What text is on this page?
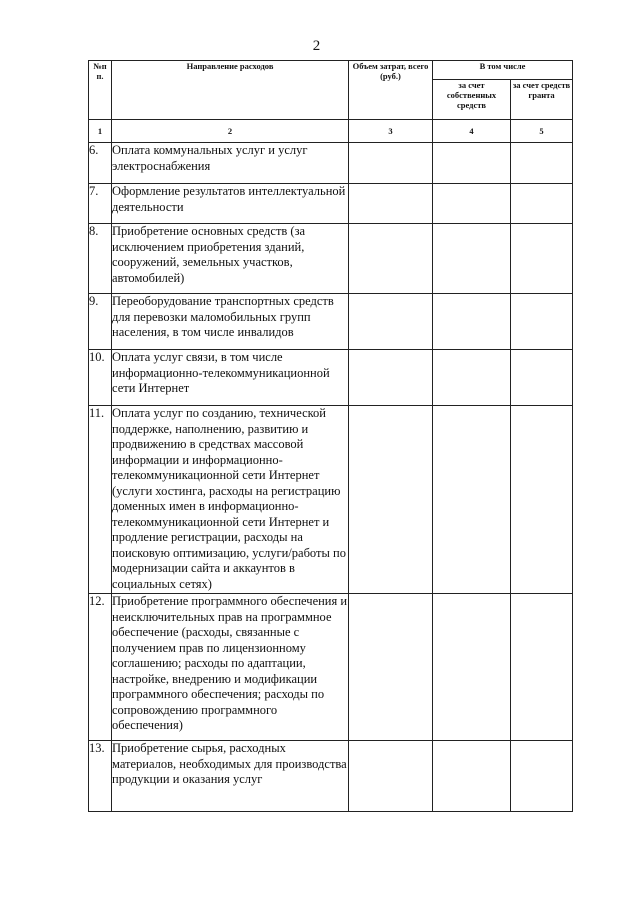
2
№п п.	Направление расходов	Объем затрат, всего (руб.)	В том числе	
			за счет собственных средств	за счет средств гранта
1	2	3	4	5
6.	Оплата коммунальных услуг и услуг электроснабжения			
7.	Оформление результатов интеллектуальной деятельности			
8.	Приобретение основных средств (за исключением приобретения зданий, сооружений, земельных участков, автомобилей)			
9.	Переоборудование транспортных средств для перевозки маломобильных групп населения, в том числе инвалидов			
10.	Оплата услуг связи, в том числе информационно-телекоммуникационной сети Интернет			
11.	Оплата услуг по созданию, технической поддержке, наполнению, развитию и продвижению в средствах массовой информации и информационно-телекоммуникационной сети Интернет (услуги хостинга, расходы на регистрацию доменных имен в информационно-телекоммуникационной сети Интернет и продление регистрации, расходы на поисковую оптимизацию, услуги/работы по модернизации сайта и аккаунтов в социальных сетях)			
12.	Приобретение программного обеспечения и неисключительных прав на программное обеспечение (расходы, связанные с получением прав по лицензионному соглашению; расходы по адаптации, настройке, внедрению и модификации программного обеспечения; расходы по сопровождению программного обеспечения)			
13.	Приобретение сырья, расходных материалов, необходимых для производства продукции и оказания услуг			
